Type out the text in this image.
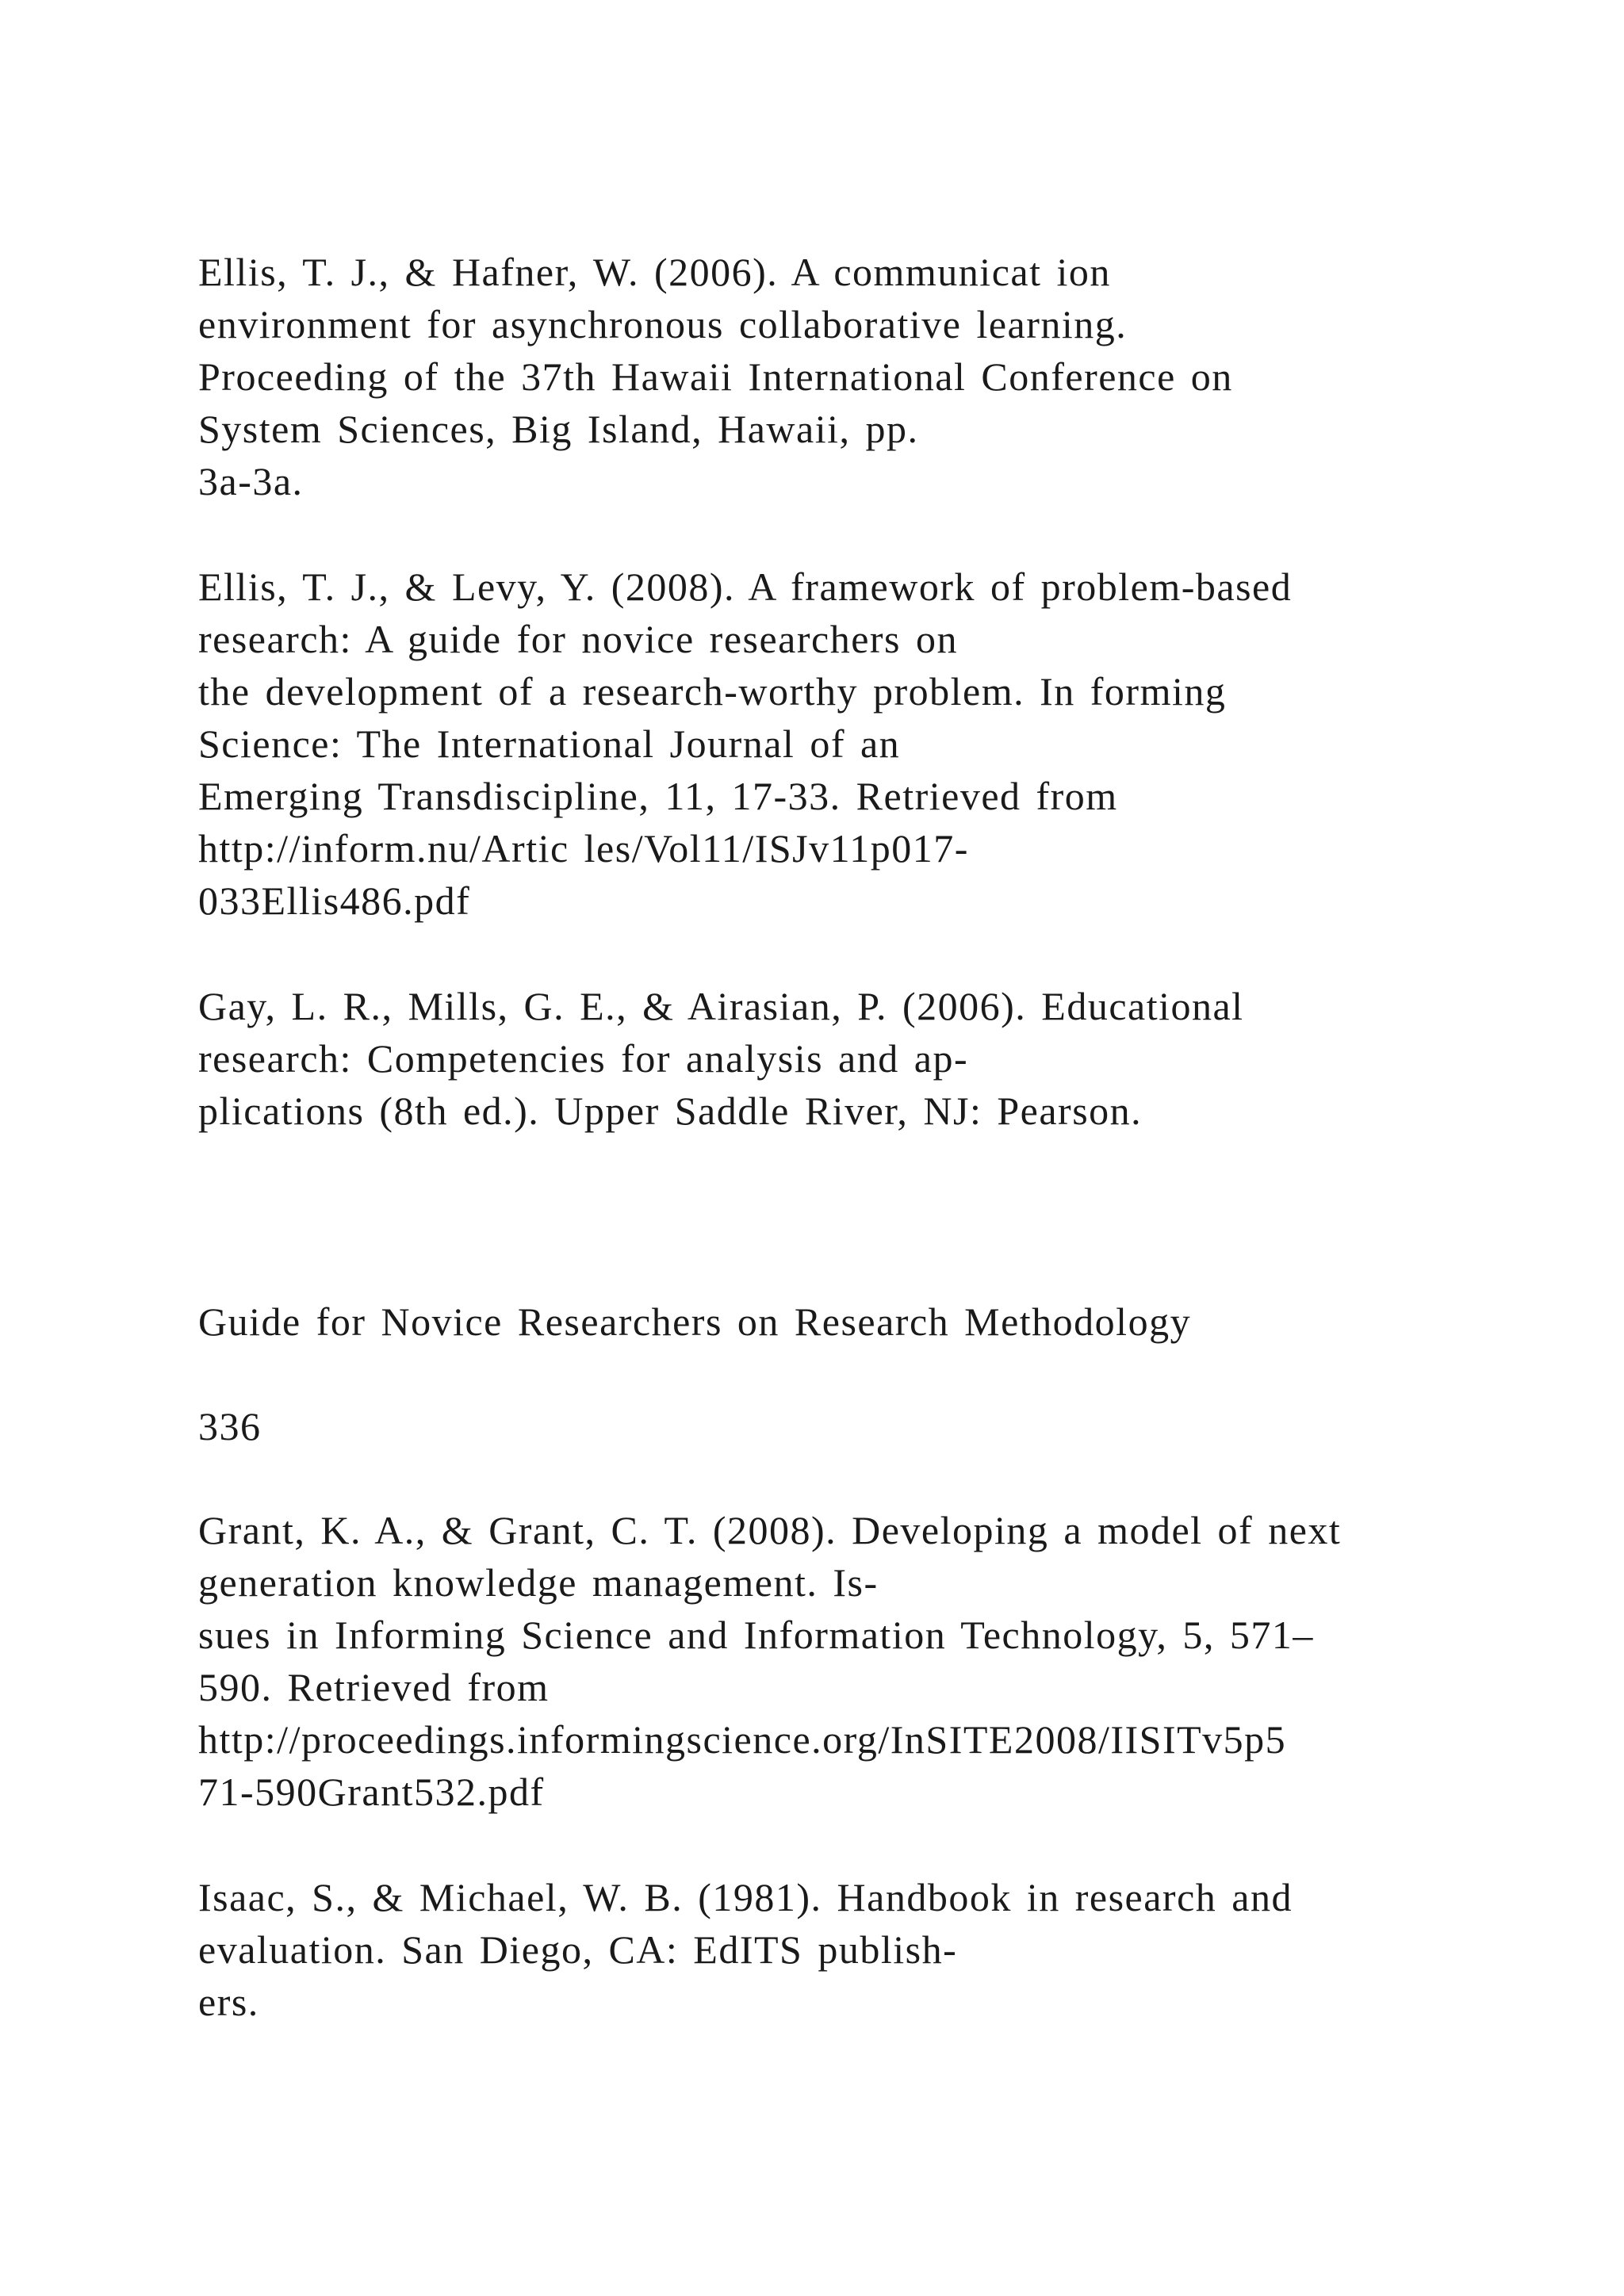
Ellis, T. J., & Hafner, W. (2006). A communicat ion
environment for asynchronous collaborative learning.
Proceeding of the 37th Hawaii International Conference on
System Sciences, Big Island, Hawaii, pp.
3a-3a.
Ellis, T. J., & Levy, Y. (2008). A framework of problem-based
research: A guide for novice researchers on
the development of a research-worthy problem. In forming
Science: The International Journal of an
Emerging Transdiscipline, 11, 17-33. Retrieved from
http://inform.nu/Artic les/Vol11/ISJv11p017-
033Ellis486.pdf
Gay, L. R., Mills, G. E., & Airasian, P. (2006). Educational
research: Competencies for analysis and ap-
plications (8th ed.). Upper Saddle River, NJ: Pearson.
Guide for Novice Researchers on Research Methodology
336
Grant, K. A., & Grant, C. T. (2008). Developing a model of next
generation knowledge management. Is-
sues in Informing Science and Information Technology, 5, 571–
590. Retrieved from
http://proceedings.informingscience.org/InSITE2008/IISITv5p5
71-590Grant532.pdf
Isaac, S., & Michael, W. B. (1981). Handbook in research and
evaluation. San Diego, CA: EdITS publish-
ers.
